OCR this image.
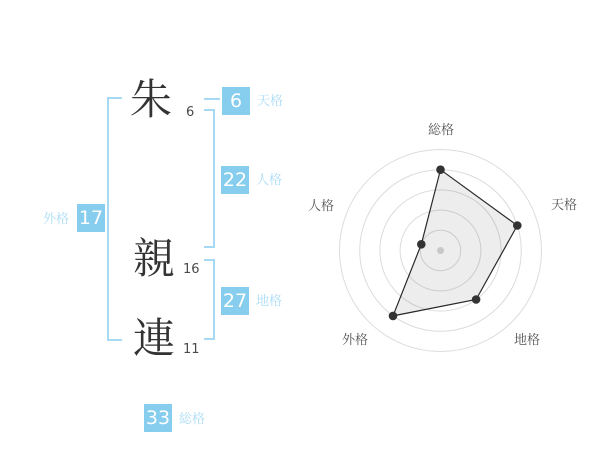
朱 6
親 16
連 11
6	天格
22 人格
27 地格
17
外格
33 総格
総格
天格
地格
外格
人格
